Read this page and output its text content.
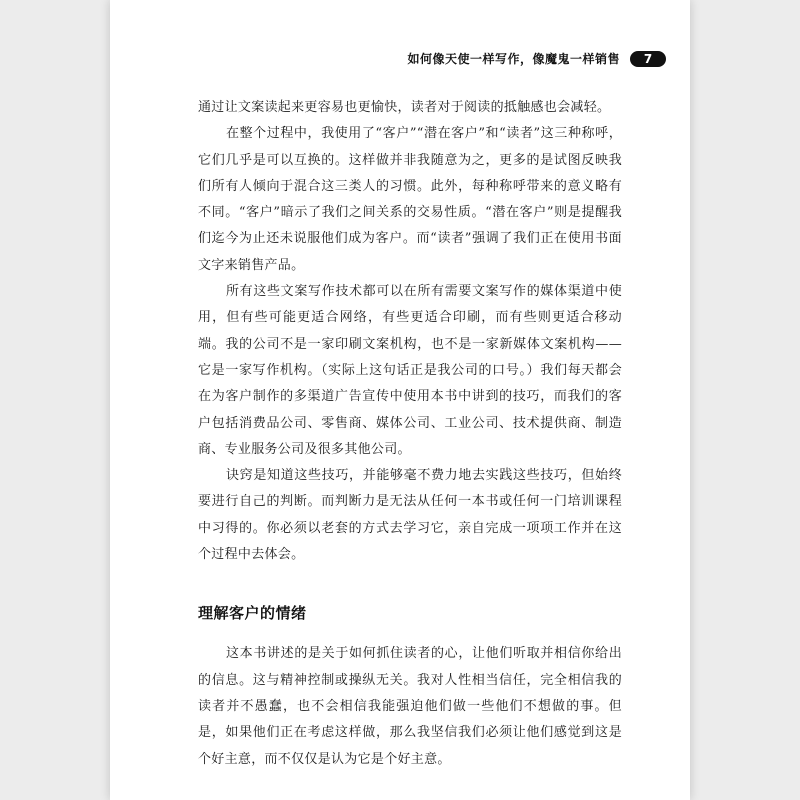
如何像天使一样写作，像魔鬼一样销售	7

通过让文案读起来更容易也更愉快，读者对于阅读的抵触感也会减轻。

在整个过程中，我使用了“客户”“潜在客户”和“读者”这三种称呼，它们几乎是可以互换的。这样做并非我随意为之，更多的是试图反映我们所有人倾向于混合这三类人的习惯。此外，每种称呼带来的意义略有不同。“客户”暗示了我们之间关系的交易性质。“潜在客户”则是提醒我们迄今为止还未说服他们成为客户。而“读者”强调了我们正在使用书面文字来销售产品。

所有这些文案写作技术都可以在所有需要文案写作的媒体渠道中使用，但有些可能更适合网络，有些更适合印刷，而有些则更适合移动端。我的公司不是一家印刷文案机构，也不是一家新媒体文案机构——它是一家写作机构。（实际上这句话正是我公司的口号。）我们每天都会在为客户制作的多渠道广告宣传中使用本书中讲到的技巧，而我们的客户包括消费品公司、零售商、媒体公司、工业公司、技术提供商、制造商、专业服务公司及很多其他公司。

诀窍是知道这些技巧，并能够毫不费力地去实践这些技巧，但始终要进行自己的判断。而判断力是无法从任何一本书或任何一门培训课程中习得的。你必须以老套的方式去学习它，亲自完成一项项工作并在这个过程中去体会。

理解客户的情绪

这本书讲述的是关于如何抓住读者的心，让他们听取并相信你给出的信息。这与精神控制或操纵无关。我对人性相当信任，完全相信我的读者并不愚蠢，也不会相信我能强迫他们做一些他们不想做的事。但是，如果他们正在考虑这样做，那么我坚信我们必须让他们感觉到这是个好主意，而不仅仅是认为它是个好主意。
